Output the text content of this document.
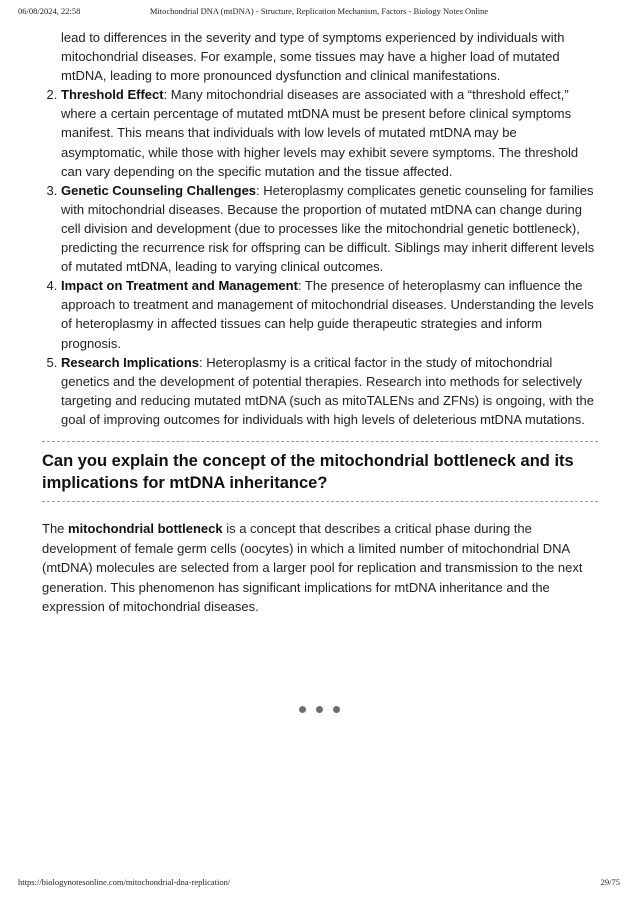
06/08/2024, 22:58	Mitochondrial DNA (mtDNA) - Structure, Replication Mechanism, Factors - Biology Notes Online
lead to differences in the severity and type of symptoms experienced by individuals with mitochondrial diseases. For example, some tissues may have a higher load of mutated mtDNA, leading to more pronounced dysfunction and clinical manifestations.
2. Threshold Effect: Many mitochondrial diseases are associated with a “threshold effect,” where a certain percentage of mutated mtDNA must be present before clinical symptoms manifest. This means that individuals with low levels of mutated mtDNA may be asymptomatic, while those with higher levels may exhibit severe symptoms. The threshold can vary depending on the specific mutation and the tissue affected.
3. Genetic Counseling Challenges: Heteroplasmy complicates genetic counseling for families with mitochondrial diseases. Because the proportion of mutated mtDNA can change during cell division and development (due to processes like the mitochondrial genetic bottleneck), predicting the recurrence risk for offspring can be difficult. Siblings may inherit different levels of mutated mtDNA, leading to varying clinical outcomes.
4. Impact on Treatment and Management: The presence of heteroplasmy can influence the approach to treatment and management of mitochondrial diseases. Understanding the levels of heteroplasmy in affected tissues can help guide therapeutic strategies and inform prognosis.
5. Research Implications: Heteroplasmy is a critical factor in the study of mitochondrial genetics and the development of potential therapies. Research into methods for selectively targeting and reducing mutated mtDNA (such as mitoTALENs and ZFNs) is ongoing, with the goal of improving outcomes for individuals with high levels of deleterious mtDNA mutations.
Can you explain the concept of the mitochondrial bottleneck and its implications for mtDNA inheritance?

The mitochondrial bottleneck is a concept that describes a critical phase during the development of female germ cells (oocytes) in which a limited number of mitochondrial DNA (mtDNA) molecules are selected from a larger pool for replication and transmission to the next generation. This phenomenon has significant implications for mtDNA inheritance and the expression of mitochondrial diseases.

https://biologynotesonline.com/mitochondrial-dna-replication/	29/75
